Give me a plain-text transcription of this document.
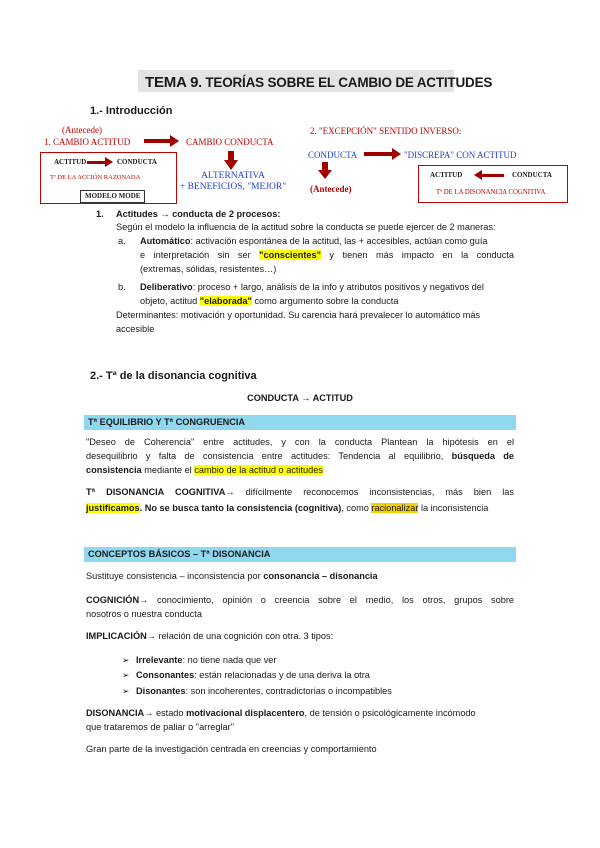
TEMA 9. TEORÍAS SOBRE EL CAMBIO DE ACTITUDES
1.- Introducción
(Antecede)
1. CAMBIO ACTITUD	CAMBIO CONDUCTA
ACTITUD	CONDUCTA
Tª DE LA ACCIÓN RAZONADA
MODELO MODE
ALTERNATIVA
+ BENEFICIOS, "MEJOR"
2. "EXCEPCIÓN" SENTIDO INVERSO:
CONDUCTA	"DISCREPA" CON ACTITUD
(Antecede)
ACTITUD	CONDUCTA
Tª DE LA DISONANCIA COGNITIVA
1. Actitudes → conducta de 2 procesos:
Según el modelo la influencia de la actitud sobre la conducta se puede ejercer de 2 maneras:
a. Automático: activación espontánea de la actitud, las + accesibles, actúan como guía
e interpretación sin ser "conscientes" y tienen más impacto en la conducta
(extremas, sólidas, resistentes…)
b. Deliberativo: proceso + largo, análisis de la info y atributos positivos y negativos del
objeto, actitud "elaborada" como argumento sobre la conducta
Determinantes: motivación y oportunidad. Su carencia hará prevalecer lo automático más
accesible
2.- Tª de la disonancia cognitiva
CONDUCTA → ACTITUD
Tª EQUILIBRIO Y Tª CONGRUENCIA
"Deseo de Coherencia" entre actitudes, y con la conducta Plantean la hipótesis en el
desequilibrio y falta de consistencia entre actitudes: Tendencia al equilibrio, búsqueda de
consistencia mediante el cambio de la actitud o actitudes
Tª DISONANCIA COGNITIVA→ difícilmente reconocemos inconsistencias, más bien las
justificamos. No se busca tanto la consistencia (cognitiva), como racionalizar la inconsistencia
CONCEPTOS BÁSICOS – Tª DISONANCIA
Sustituye consistencia – inconsistencia por consonancia – disonancia
COGNICIÓN→ conocimiento, opinión o creencia sobre el medio, los otros, grupos sobre
nosotros o nuestra conducta
IMPLICACIÓN→ relación de una cognición con otra. 3 tipos:
➢ Irrelevante: no tiene nada que ver
➢ Consonantes: están relacionadas y de una deriva la otra
➢ Disonantes: son incoherentes, contradictorias o incompatibles
DISONANCIA→ estado motivacional displacentero, de tensión o psicológicamente incómodo
que trataremos de paliar o "arreglar"
Gran parte de la investigación centrada en creencias y comportamiento
